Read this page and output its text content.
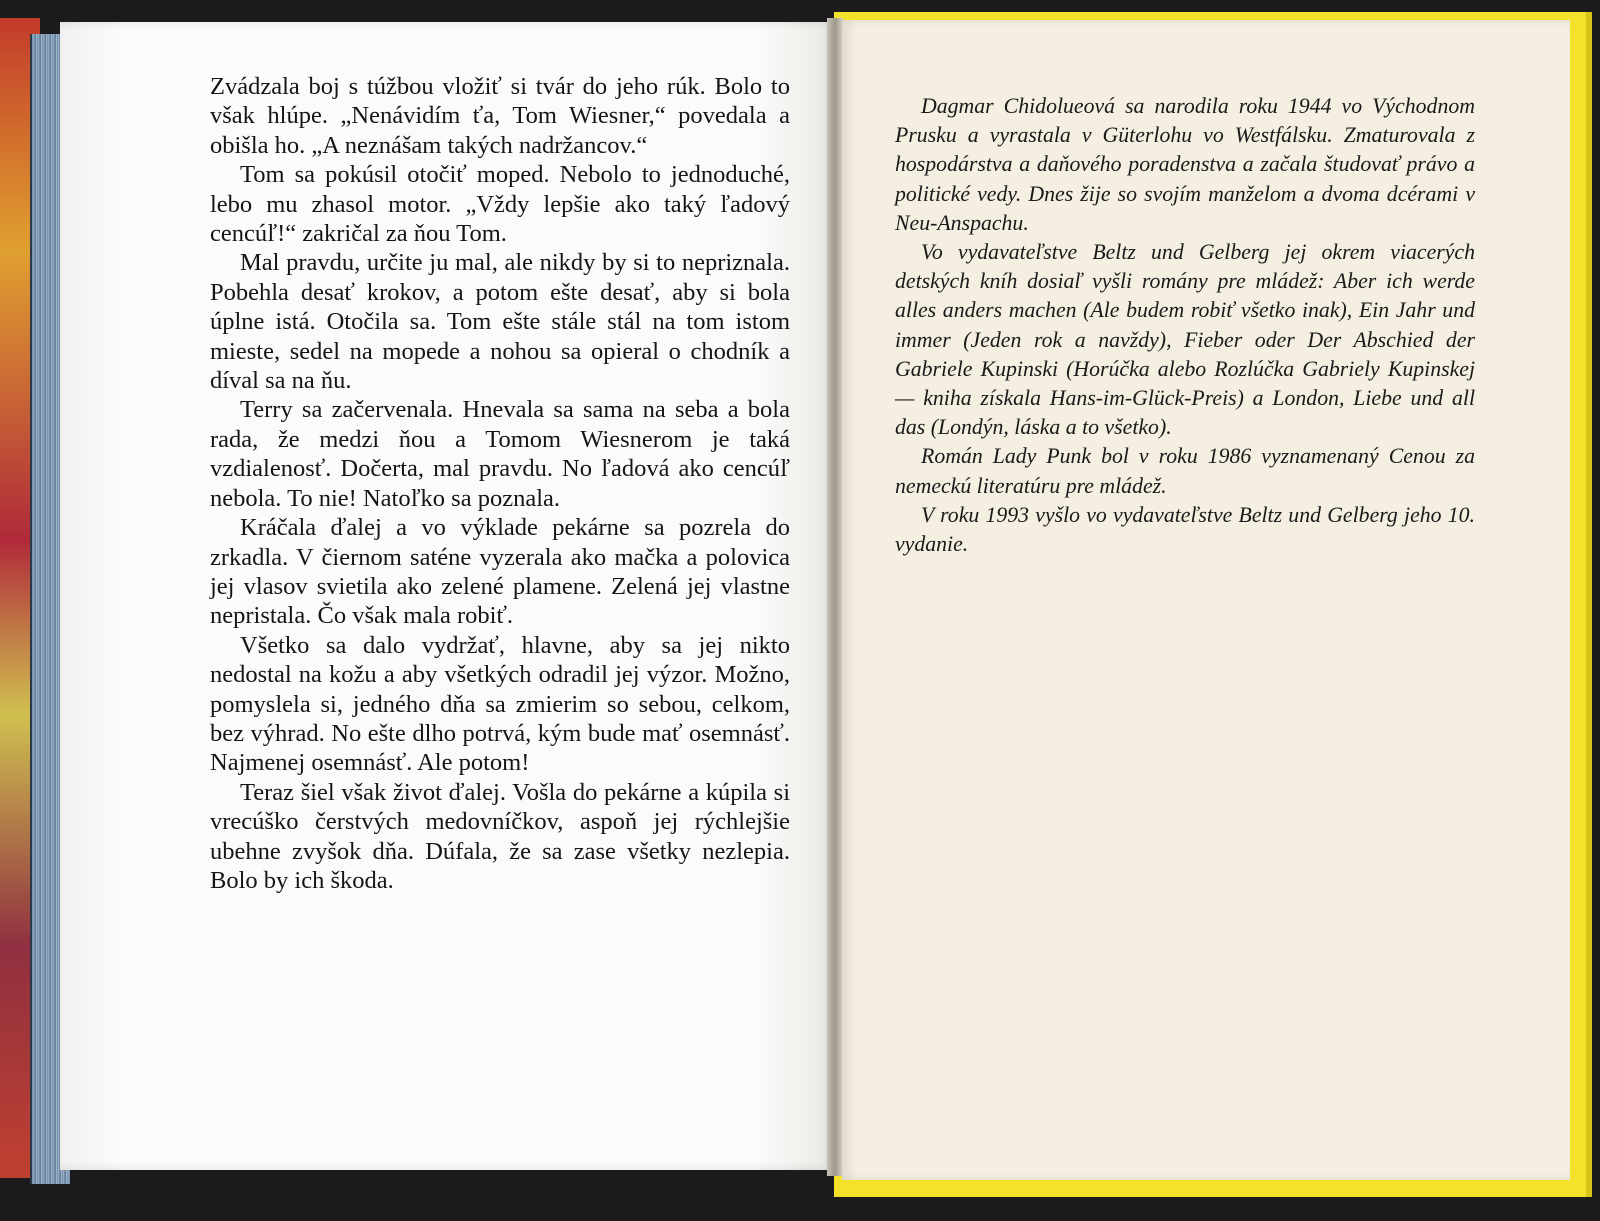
Zvádzala boj s túžbou vložiť si tvár do jeho rúk. Bolo to však hlúpe. „Nenávidím ťa, Tom Wiesner,“ povedala a obišla ho. „A neznášam takých nadržancov.“

Tom sa pokúsil otočiť moped. Nebolo to jednoduché, lebo mu zhasol motor. „Vždy lepšie ako taký ľadový cencúľ!“ zakričal za ňou Tom.

Mal pravdu, určite ju mal, ale nikdy by si to nepriznala. Pobehla desať krokov, a potom ešte desať, aby si bola úplne istá. Otočila sa. Tom ešte stále stál na tom istom mieste, sedel na mopede a nohou sa opieral o chodník a díval sa na ňu.

Terry sa začervenala. Hnevala sa sama na seba a bola rada, že medzi ňou a Tomom Wiesnerom je taká vzdialenosť. Dočerta, mal pravdu. No ľadová ako cencúľ nebola. To nie! Natoľko sa poznala.

Kráčala ďalej a vo výklade pekárne sa pozrela do zrkadla. V čiernom saténe vyzerala ako mačka a polovica jej vlasov svietila ako zelené plamene. Zelená jej vlastne nepristala. Čo však mala robiť.

Všetko sa dalo vydržať, hlavne, aby sa jej nikto nedostal na kožu a aby všetkých odradil jej výzor. Možno, pomyslela si, jedného dňa sa zmierim so sebou, celkom, bez výhrad. No ešte dlho potrvá, kým bude mať osemnásť. Najmenej osemnásť. Ale potom!

Teraz šiel však život ďalej. Vošla do pekárne a kúpila si vrecúško čerstvých medovníčkov, aspoň jej rýchlejšie ubehne zvyšok dňa. Dúfala, že sa zase všetky nezlepia. Bolo by ich škoda.

Dagmar Chidolueová sa narodila roku 1944 vo Východnom Prusku a vyrastala v Güterlohu vo Westfálsku. Zmaturovala z hospodárstva a daňového poradenstva a začala študovať právo a politické vedy. Dnes žije so svojím manželom a dvoma dcérami v Neu-Anspachu.

Vo vydavateľstve Beltz und Gelberg jej okrem viacerých detských kníh dosiaľ vyšli romány pre mládež: Aber ich werde alles anders machen (Ale budem robiť všetko inak), Ein Jahr und immer (Jeden rok a navždy), Fieber oder Der Abschied der Gabriele Kupinski (Horúčka alebo Rozlúčka Gabriely Kupinskej — kniha získala Hans-im-Glück-Preis) a London, Liebe und all das (Londýn, láska a to všetko).

Román Lady Punk bol v roku 1986 vyznamenaný Cenou za nemeckú literatúru pre mládež.

V roku 1993 vyšlo vo vydavateľstve Beltz und Gelberg jeho 10. vydanie.
